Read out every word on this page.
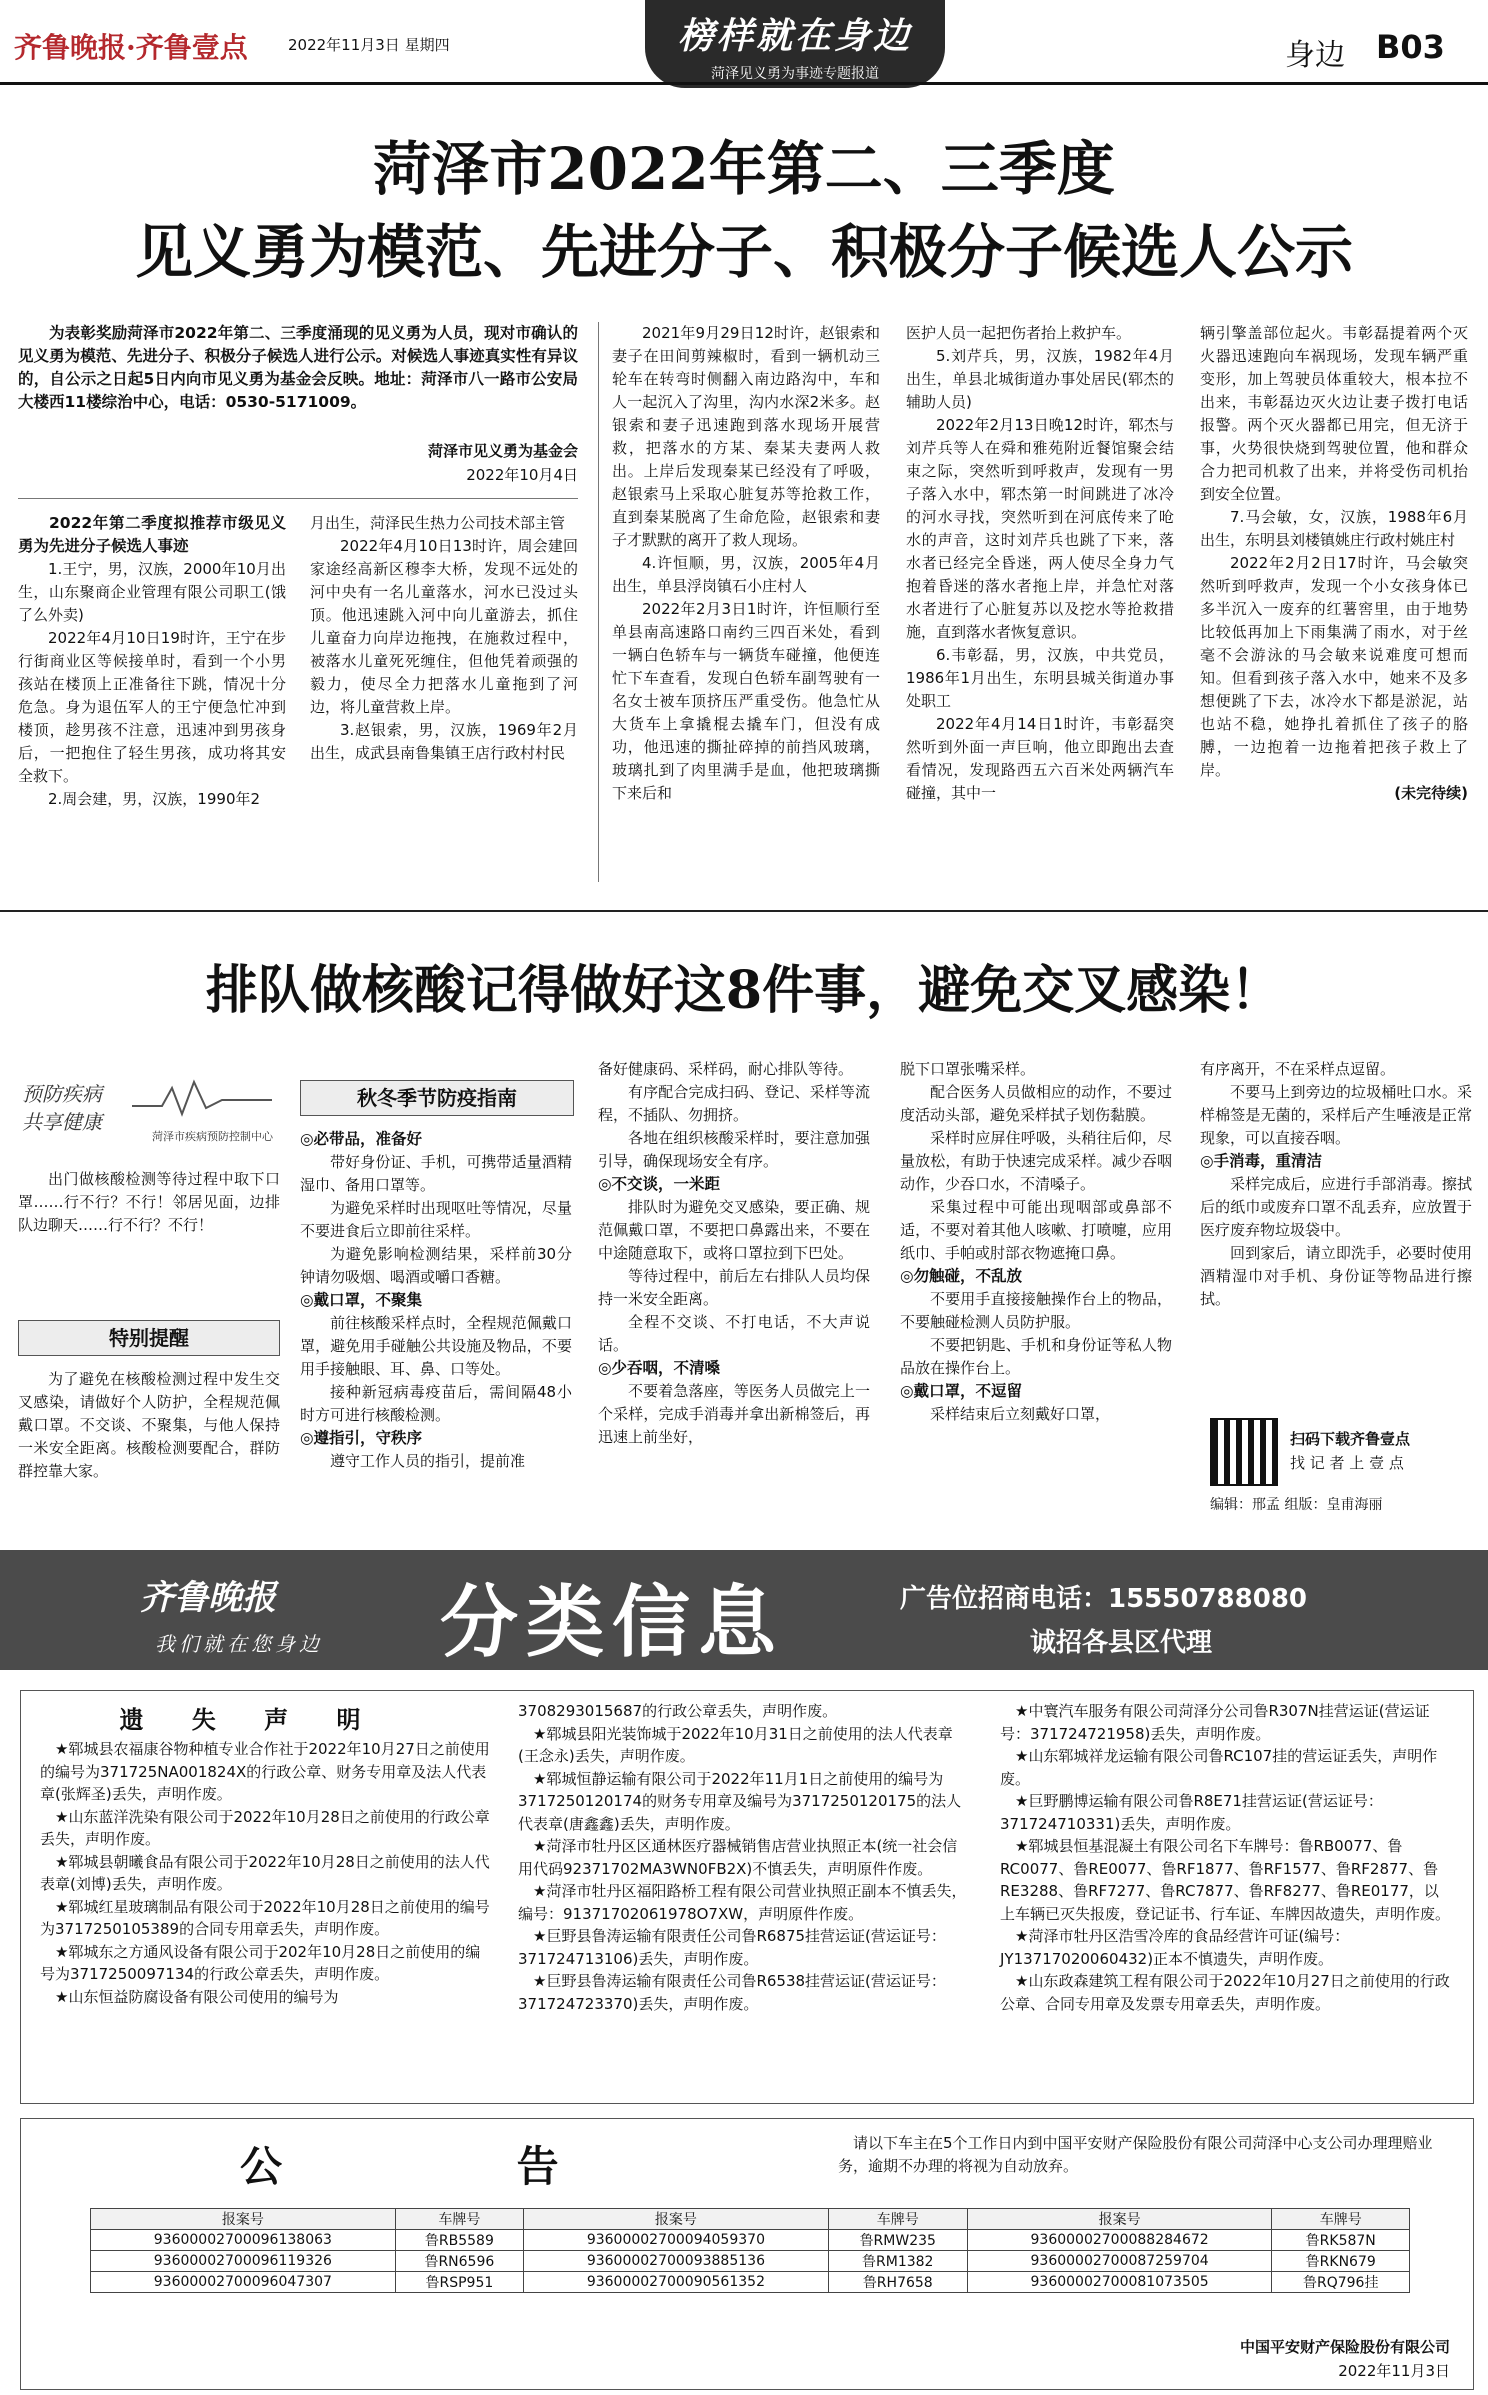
齐鲁晚报·齐鲁壹点	2022年11月3日 星期四	榜样就在身边
菏泽见义勇为事迹专题报道
身边 B03
菏泽市2022年第二、三季度
见义勇为模范、先进分子、积极分子候选人公示

为表彰奖励菏泽市2022年第二、三季度涌现的见义勇为人员，现对市确认的见义勇为模范、先进分子、积极分子候选人进行公示。对候选人事迹真实性有异议的，自公示之日起5日内向市见义勇为基金会反映。地址：菏泽市八一路市公安局大楼西11楼综治中心，电话：0530-5171009。

菏泽市见义勇为基金会
2022年10月4日

2022年第二季度拟推荐市级见义勇为先进分子候选人事迹

1.王宁，男，汉族，2000年10月出生，山东聚商企业管理有限公司职工(饿了么外卖)

2022年4月10日19时许，王宁在步行街商业区等候接单时，看到一个小男孩站在楼顶上正准备往下跳，情况十分危急。身为退伍军人的王宁便急忙冲到楼顶，趁男孩不注意，迅速冲到男孩身后，一把抱住了轻生男孩，成功将其安全救下。

2.周会建，男，汉族，1990年2

月出生，菏泽民生热力公司技术部主管

2022年4月10日13时许，周会建回家途经高新区穆李大桥，发现不远处的河中央有一名儿童落水，河水已没过头顶。他迅速跳入河中向儿童游去，抓住儿童奋力向岸边拖拽，在施救过程中，被落水儿童死死缠住，但他凭着顽强的毅力，使尽全力把落水儿童拖到了河边，将儿童营救上岸。

3.赵银索，男，汉族，1969年2月出生，成武县南鲁集镇王店行政村村民

2021年9月29日12时许，赵银索和妻子在田间剪辣椒时，看到一辆机动三轮车在转弯时侧翻入南边路沟中，车和人一起沉入了沟里，沟内水深2米多。赵银索和妻子迅速跑到落水现场开展营救，把落水的方某、秦某夫妻两人救出。上岸后发现秦某已经没有了呼吸，赵银索马上采取心脏复苏等抢救工作，直到秦某脱离了生命危险，赵银索和妻子才默默的离开了救人现场。

4.许恒顺，男，汉族，2005年4月出生，单县浮岗镇石小庄村人

2022年2月3日1时许，许恒顺行至单县南高速路口南约三四百米处，看到一辆白色轿车与一辆货车碰撞，他便连忙下车查看，发现白色轿车副驾驶有一名女士被车顶挤压严重受伤。他急忙从大货车上拿撬棍去撬车门，但没有成功，他迅速的撕扯碎掉的前挡风玻璃，玻璃扎到了肉里满手是血，他把玻璃撕下来后和

医护人员一起把伤者抬上救护车。

5.刘芹兵，男，汉族，1982年4月出生，单县北城街道办事处居民(郓杰的辅助人员)

2022年2月13日晚12时许，郓杰与刘芹兵等人在舜和雅苑附近餐馆聚会结束之际，突然听到呼救声，发现有一男子落入水中，郓杰第一时间跳进了冰冷的河水寻找，突然听到在河底传来了呛水的声音，这时刘芹兵也跳了下来，落水者已经完全昏迷，两人使尽全身力气抱着昏迷的落水者拖上岸，并急忙对落水者进行了心脏复苏以及挖水等抢救措施，直到落水者恢复意识。

6.韦彰磊，男，汉族，中共党员，1986年1月出生，东明县城关街道办事处职工

2022年4月14日1时许，韦彰磊突然听到外面一声巨响，他立即跑出去查看情况，发现路西五六百米处两辆汽车碰撞，其中一

辆引擎盖部位起火。韦彰磊提着两个灭火器迅速跑向车祸现场，发现车辆严重变形，加上驾驶员体重较大，根本拉不出来，韦彰磊边灭火边让妻子拨打电话报警。两个灭火器都已用完，但无济于事，火势很快烧到驾驶位置，他和群众合力把司机救了出来，并将受伤司机抬到安全位置。

7.马会敏，女，汉族，1988年6月出生，东明县刘楼镇姚庄行政村姚庄村

2022年2月2日17时许，马会敏突然听到呼救声，发现一个小女孩身体已多半沉入一废弃的红薯窖里，由于地势比较低再加上下雨集满了雨水，对于丝毫不会游泳的马会敏来说难度可想而知。但看到孩子落入水中，她来不及多想便跳了下去，冰冷水下都是淤泥，站也站不稳，她挣扎着抓住了孩子的胳膊，一边抱着一边拖着把孩子救上了岸。

(未完待续)

排队做核酸记得做好这8件事，避免交叉感染！
预防疾病
共享健康
菏泽市疾病预防控制中心

出门做核酸检测等待过程中取下口罩……行不行？不行！邻居见面，边排队边聊天……行不行？不行！

特别提醒

为了避免在核酸检测过程中发生交叉感染，请做好个人防护，全程规范佩戴口罩。不交谈、不聚集，与他人保持一米安全距离。核酸检测要配合，群防群控靠大家。

秋冬季节防疫指南

◎必带品，准备好

带好身份证、手机，可携带适量酒精湿巾、备用口罩等。

为避免采样时出现呕吐等情况，尽量不要进食后立即前往采样。

为避免影响检测结果，采样前30分钟请勿吸烟、喝酒或嚼口香糖。

◎戴口罩，不聚集

前往核酸采样点时，全程规范佩戴口罩，避免用手碰触公共设施及物品，不要用手接触眼、耳、鼻、口等处。

接种新冠病毒疫苗后，需间隔48小时方可进行核酸检测。

◎遵指引，守秩序

遵守工作人员的指引，提前准

备好健康码、采样码，耐心排队等待。

有序配合完成扫码、登记、采样等流程，不插队、勿拥挤。

各地在组织核酸采样时，要注意加强引导，确保现场安全有序。

◎不交谈，一米距

排队时为避免交叉感染，要正确、规范佩戴口罩，不要把口鼻露出来，不要在中途随意取下，或将口罩拉到下巴处。

等待过程中，前后左右排队人员均保持一米安全距离。

全程不交谈、不打电话，不大声说话。

◎少吞咽，不清嗓

不要着急落座，等医务人员做完上一个采样，完成手消毒并拿出新棉签后，再迅速上前坐好，

脱下口罩张嘴采样。

配合医务人员做相应的动作，不要过度活动头部，避免采样拭子划伤黏膜。

采样时应屏住呼吸，头稍往后仰，尽量放松，有助于快速完成采样。减少吞咽动作，少吞口水，不清嗓子。

采集过程中可能出现咽部或鼻部不适，不要对着其他人咳嗽、打喷嚏，应用纸巾、手帕或肘部衣物遮掩口鼻。

◎勿触碰，不乱放

不要用手直接接触操作台上的物品，不要触碰检测人员防护服。

不要把钥匙、手机和身份证等私人物品放在操作台上。

◎戴口罩，不逗留

采样结束后立刻戴好口罩，

有序离开，不在采样点逗留。

不要马上到旁边的垃圾桶吐口水。采样棉签是无菌的，采样后产生唾液是正常现象，可以直接吞咽。

◎手消毒，重清洁

采样完成后，应进行手部消毒。擦拭后的纸巾或废弃口罩不乱丢弃，应放置于医疗废弃物垃圾袋中。

回到家后，请立即洗手，必要时使用酒精湿巾对手机、身份证等物品进行擦拭。

扫码下载齐鲁壹点
找 记 者 上 壹 点
编辑：邢孟 组版：皇甫海丽
齐鲁晚报
我们就在您身边 分类信息	广告位招商电话：15550788080
诚招各县区代理
遗 失 声 明

★郓城县农福康谷物种植专业合作社于2022年10月27日之前使用的编号为371725NA001824X的行政公章、财务专用章及法人代表章(张辉圣)丢失，声明作废。

★山东蓝洋洗染有限公司于2022年10月28日之前使用的行政公章丢失，声明作废。

★郓城县朝曦食品有限公司于2022年10月28日之前使用的法人代表章(刘博)丢失，声明作废。

★郓城红星玻璃制品有限公司于2022年10月28日之前使用的编号为3717250105389的合同专用章丢失，声明作废。

★郓城东之方通风设备有限公司于202年10月28日之前使用的编号为3717250097134的行政公章丢失，声明作废。

★山东恒益防腐设备有限公司使用的编号为

3708293015687的行政公章丢失，声明作废。

★郓城县阳光装饰城于2022年10月31日之前使用的法人代表章(王念永)丢失，声明作废。

★郓城恒静运输有限公司于2022年11月1日之前使用的编号为3717250120174的财务专用章及编号为3717250120175的法人代表章(唐鑫鑫)丢失，声明作废。

★菏泽市牡丹区区通林医疗器械销售店营业执照正本(统一社会信用代码92371702MA3WN0FB2X)不慎丢失，声明原件作废。

★菏泽市牡丹区福阳路桥工程有限公司营业执照正副本不慎丢失，编号：91371702061978O7XW，声明原件作废。

★巨野县鲁涛运输有限责任公司鲁R6875挂营运证(营运证号：371724713106)丢失，声明作废。

★巨野县鲁涛运输有限责任公司鲁R6538挂营运证(营运证号：371724723370)丢失，声明作废。

★中寰汽车服务有限公司菏泽分公司鲁R307N挂营运证(营运证号：371724721958)丢失，声明作废。

★山东郓城祥龙运输有限公司鲁RC107挂的营运证丢失，声明作废。

★巨野鹏博运输有限公司鲁R8E71挂营运证(营运证号：371724710331)丢失，声明作废。

★郓城县恒基混凝土有限公司名下车牌号：鲁RB0077、鲁RC0077、鲁RE0077、鲁RF1877、鲁RF1577、鲁RF2877、鲁RE3288、鲁RF7277、鲁RC7877、鲁RF8277、鲁RE0177，以上车辆已灭失报废，登记证书、行车证、车牌因故遗失，声明作废。

★菏泽市牡丹区浩雪冷库的食品经营许可证(编号：JY13717020060432)正本不慎遗失，声明作废。

★山东政森建筑工程有限公司于2022年10月27日之前使用的行政公章、合同专用章及发票专用章丢失，声明作废。

公 告	请以下车主在5个工作日内到中国平安财产保险股份有限公司菏泽中心支公司办理理赔业务，逾期不办理的将视为自动放弃。

报案号	车牌号	报案号	车牌号	报案号	车牌号
93600002700096138063	鲁RB5589	93600002700094059370	鲁RMW235	93600002700088284672	鲁RK587N
93600002700096119326	鲁RN6596	93600002700093885136	鲁RM1382	93600002700087259704	鲁RKN679
93600002700096047307	鲁RSP951	93600002700090561352	鲁RH7658	93600002700081073505	鲁RQ796挂
中国平安财产保险股份有限公司
2022年11月3日
